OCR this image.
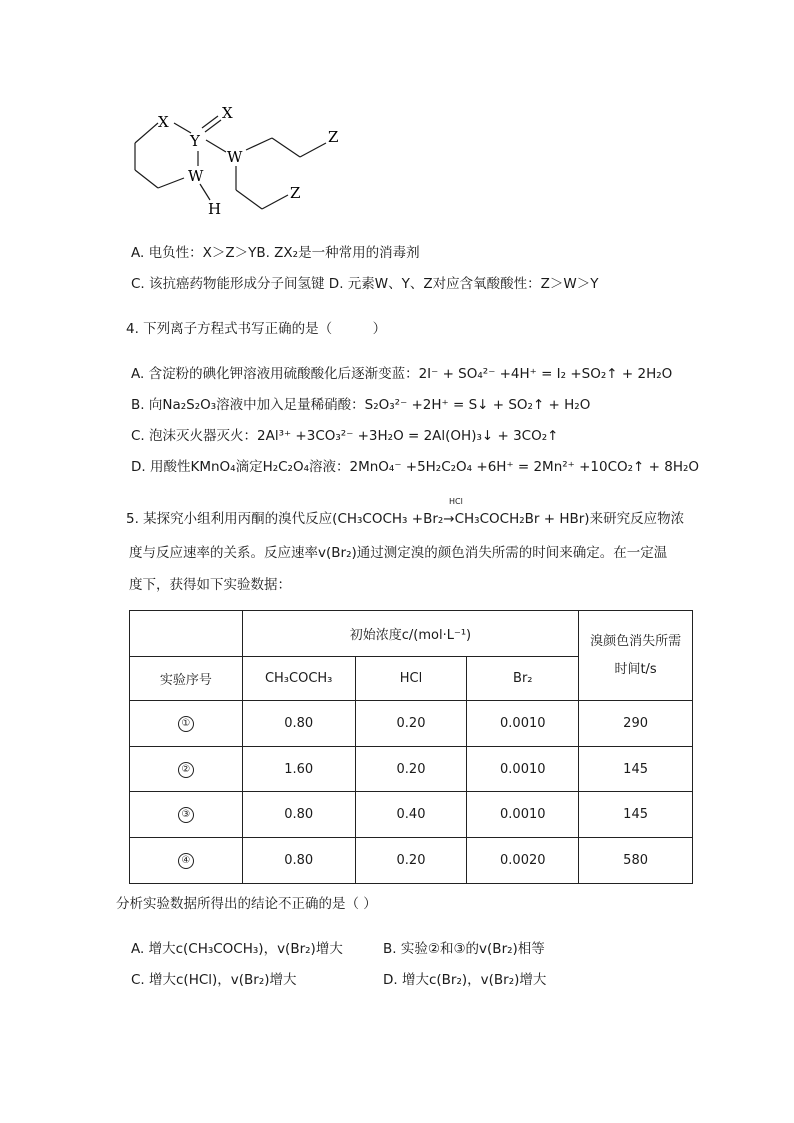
X	X
Y
W
W
H
Z
Z
A. 电负性：X＞Z＞YB. ZX₂是一种常用的消毒剂
C. 该抗癌药物能形成分子间氢键 D. 元素W、Y、Z对应含氧酸酸性：Z＞W＞Y
4. 下列离子方程式书写正确的是（　　　）
A. 含淀粉的碘化钾溶液用硫酸酸化后逐渐变蓝：2I⁻ + SO₄²⁻ +4H⁺ = I₂ +SO₂↑ + 2H₂O
B. 向Na₂S₂O₃溶液中加入足量稀硝酸：S₂O₃²⁻ +2H⁺ = S↓ + SO₂↑ + H₂O
C. 泡沫灭火器灭火：2Al³⁺ +3CO₃²⁻ +3H₂O = 2Al(OH)₃↓ + 3CO₂↑
D. 用酸性KMnO₄滴定H₂C₂O₄溶液：2MnO₄⁻ +5H₂C₂O₄ +6H⁺ = 2Mn²⁺ +10CO₂↑ + 8H₂O
HCl
5. 某探究小组利用丙酮的溴代反应(CH₃COCH₃ +Br₂→CH₃COCH₂Br + HBr)来研究反应物浓
度与反应速率的关系。反应速率v(Br₂)通过测定溴的颜色消失所需的时间来确定。在一定温
度下，获得如下实验数据：
	初始浓度c/(mol·L⁻¹)			溴颜色消失所需时间t/s
实验序号	CH₃COCH₃	HCl	Br₂	
①	0.80	0.20	0.0010	290
②	1.60	0.20	0.0010	145
③	0.80	0.40	0.0010	145
④	0.80	0.20	0.0020	580
分析实验数据所得出的结论不正确的是（ ）
A. 增大c(CH₃COCH₃)，v(Br₂)增大	B. 实验②和③的v(Br₂)相等
C. 增大c(HCl)，v(Br₂)增大	D. 增大c(Br₂)，v(Br₂)增大
